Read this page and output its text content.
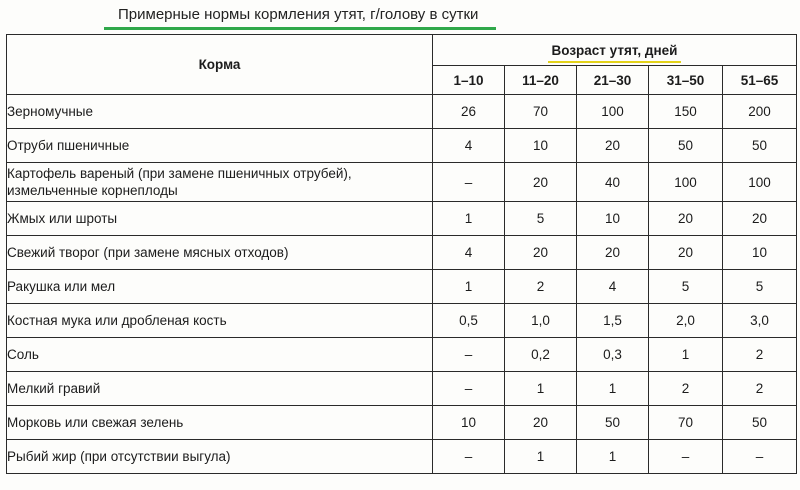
Примерные нормы кормления утят, г/голову в сутки
Корма	Возраст утят, дней				
	1–10	11–20	21–30	31–50	51–65
Зерномучные	26	70	100	150	200
Отруби пшеничные	4	10	20	50	50
Картофель вареный (при замене пшеничных отрубей), измельченные корнеплоды	–	20	40	100	100
Жмых или шроты	1	5	10	20	20
Свежий творог (при замене мясных отходов)	4	20	20	20	10
Ракушка или мел	1	2	4	5	5
Костная мука или дробленая кость	0,5	1,0	1,5	2,0	3,0
Соль	–	0,2	0,3	1	2
Мелкий гравий	–	1	1	2	2
Морковь или свежая зелень	10	20	50	70	50
Рыбий жир (при отсутствии выгула)	–	1	1	–	–
